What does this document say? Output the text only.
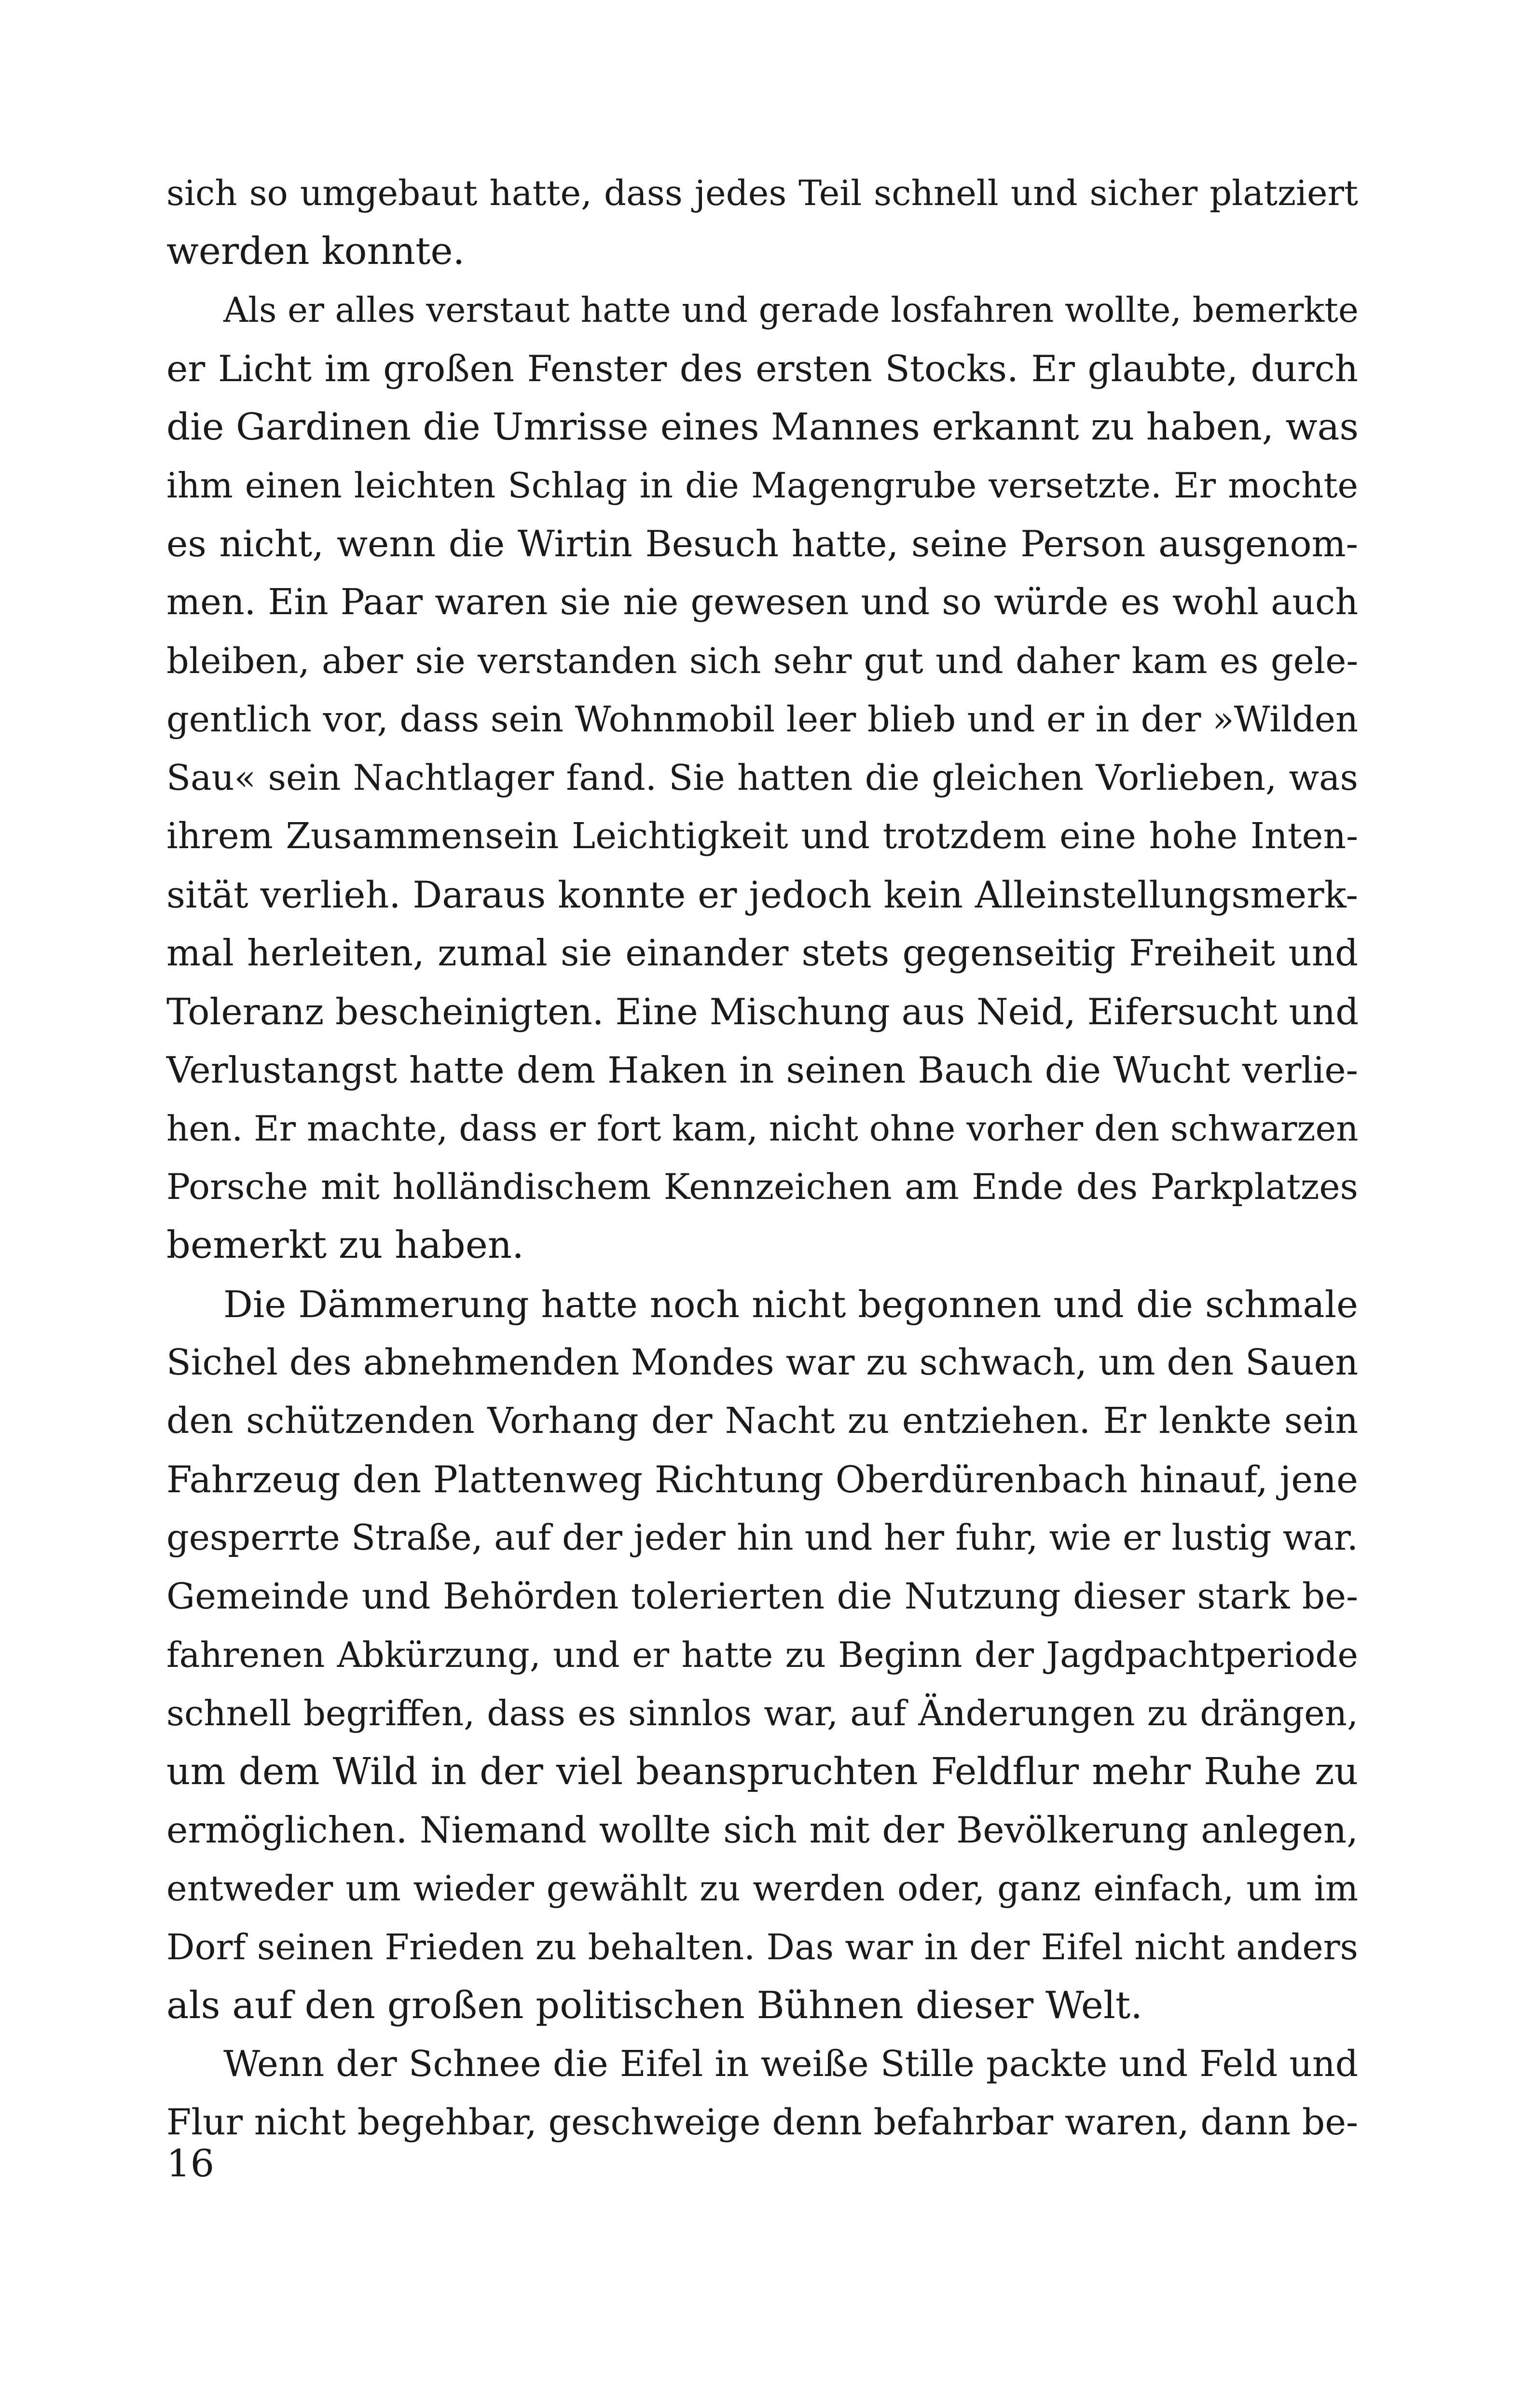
sich so umgebaut hatte, dass jedes Teil schnell und sicher platziert
werden konnte.
Als er alles verstaut hatte und gerade losfahren wollte, bemerkte
er Licht im großen Fenster des ersten Stocks. Er glaubte, durch
die Gardinen die Umrisse eines Mannes erkannt zu haben, was
ihm einen leichten Schlag in die Magengrube versetzte. Er mochte
es nicht, wenn die Wirtin Besuch hatte, seine Person ausgenom-
men. Ein Paar waren sie nie gewesen und so würde es wohl auch
bleiben, aber sie verstanden sich sehr gut und daher kam es gele-
gentlich vor, dass sein Wohnmobil leer blieb und er in der »Wilden
Sau« sein Nachtlager fand. Sie hatten die gleichen Vorlieben, was
ihrem Zusammensein Leichtigkeit und trotzdem eine hohe Inten-
sität verlieh. Daraus konnte er jedoch kein Alleinstellungsmerk-
mal herleiten, zumal sie einander stets gegenseitig Freiheit und
Toleranz bescheinigten. Eine Mischung aus Neid, Eifersucht und
Verlustangst hatte dem Haken in seinen Bauch die Wucht verlie-
hen. Er machte, dass er fort kam, nicht ohne vorher den schwarzen
Porsche mit holländischem Kennzeichen am Ende des Parkplatzes
bemerkt zu haben.
Die Dämmerung hatte noch nicht begonnen und die schmale
Sichel des abnehmenden Mondes war zu schwach, um den Sauen
den schützenden Vorhang der Nacht zu entziehen. Er lenkte sein
Fahrzeug den Plattenweg Richtung Oberdürenbach hinauf, jene
gesperrte Straße, auf der jeder hin und her fuhr, wie er lustig war.
Gemeinde und Behörden tolerierten die Nutzung dieser stark be-
fahrenen Abkürzung, und er hatte zu Beginn der Jagdpachtperiode
schnell begriffen, dass es sinnlos war, auf Änderungen zu drängen,
um dem Wild in der viel beanspruchten Feldflur mehr Ruhe zu
ermöglichen. Niemand wollte sich mit der Bevölkerung anlegen,
entweder um wieder gewählt zu werden oder, ganz einfach, um im
Dorf seinen Frieden zu behalten. Das war in der Eifel nicht anders
als auf den großen politischen Bühnen dieser Welt.
Wenn der Schnee die Eifel in weiße Stille packte und Feld und
Flur nicht begehbar, geschweige denn befahrbar waren, dann be-
16
